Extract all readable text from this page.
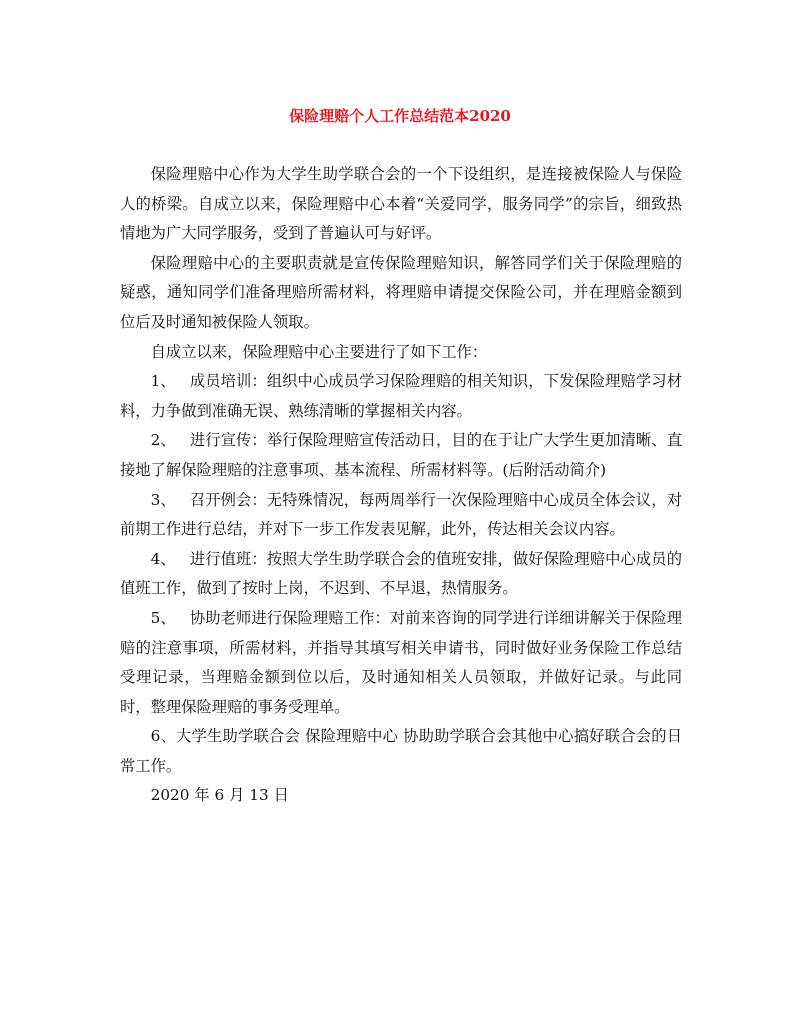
保险理赔个人工作总结范本2020

保险理赔中心作为大学生助学联合会的一个下设组织，是连接被保险人与保险人的桥梁。自成立以来，保险理赔中心本着“关爱同学，服务同学”的宗旨，细致热情地为广大同学服务，受到了普遍认可与好评。

保险理赔中心的主要职责就是宣传保险理赔知识，解答同学们关于保险理赔的疑惑，通知同学们准备理赔所需材料，将理赔申请提交保险公司，并在理赔金额到位后及时通知被保险人领取。

自成立以来，保险理赔中心主要进行了如下工作：

1、 成员培训：组织中心成员学习保险理赔的相关知识，下发保险理赔学习材料，力争做到准确无误、熟练清晰的掌握相关内容。

2、 进行宣传：举行保险理赔宣传活动日，目的在于让广大学生更加清晰、直接地了解保险理赔的注意事项、基本流程、所需材料等。(后附活动简介)

3、 召开例会：无特殊情况，每两周举行一次保险理赔中心成员全体会议，对前期工作进行总结，并对下一步工作发表见解，此外，传达相关会议内容。

4、 进行值班：按照大学生助学联合会的值班安排，做好保险理赔中心成员的值班工作，做到了按时上岗，不迟到、不早退，热情服务。

5、 协助老师进行保险理赔工作：对前来咨询的同学进行详细讲解关于保险理赔的注意事项，所需材料，并指导其填写相关申请书，同时做好业务保险工作总结受理记录，当理赔金额到位以后，及时通知相关人员领取，并做好记录。与此同时，整理保险理赔的事务受理单。

6、大学生助学联合会 保险理赔中心 协助助学联合会其他中心搞好联合会的日常工作。

2020 年 6 月 13 日
